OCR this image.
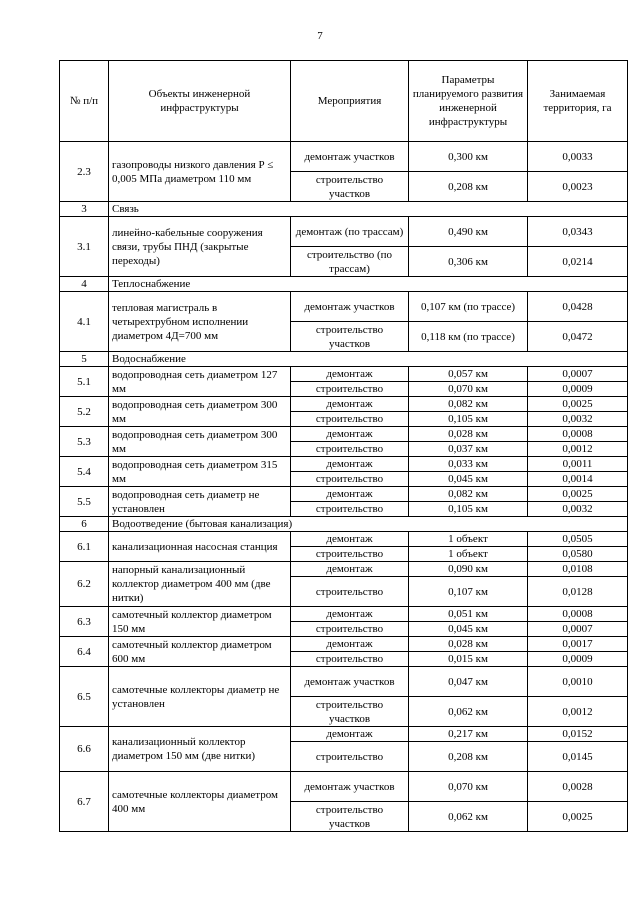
7
№ п/п	Объекты инженерной инфраструктуры	Мероприятия	Параметры планируемого развития инженерной инфраструктуры	Занимаемая территория, га
2.3	газопроводы низкого давления Р ≤ 0,005 МПа диаметром 110 мм	демонтаж участков	0,300 км	0,0033
		строительство участков	0,208 км	0,0023
3	Связь			
3.1	линейно-кабельные сооружения связи, трубы ПНД (закрытые переходы)	демонтаж (по трассам)	0,490 км	0,0343
		строительство (по трассам)	0,306 км	0,0214
4	Теплоснабжение			
4.1	тепловая магистраль в четырехтрубном исполнении диаметром 4Д=700 мм	демонтаж участков	0,107 км (по трассе)	0,0428
		строительство участков	0,118 км (по трассе)	0,0472
5	Водоснабжение			
5.1	водопроводная сеть диаметром 127 мм	демонтаж	0,057 км	0,0007
		строительство	0,070 км	0,0009
5.2	водопроводная сеть диаметром 300 мм	демонтаж	0,082 км	0,0025
		строительство	0,105 км	0,0032
5.3	водопроводная сеть диаметром 300 мм	демонтаж	0,028 км	0,0008
		строительство	0,037 км	0,0012
5.4	водопроводная сеть диаметром 315 мм	демонтаж	0,033 км	0,0011
		строительство	0,045 км	0,0014
5.5	водопроводная сеть диаметр не установлен	демонтаж	0,082 км	0,0025
		строительство	0,105 км	0,0032
6	Водоотведение (бытовая канализация)			
6.1	канализационная насосная станция	демонтаж	1 объект	0,0505
		строительство	1 объект	0,0580
6.2	напорный канализационный коллектор диаметром 400 мм (две нитки)	демонтаж	0,090 км	0,0108
		строительство	0,107 км	0,0128
6.3	самотечный коллектор диаметром 150 мм	демонтаж	0,051 км	0,0008
		строительство	0,045 км	0,0007
6.4	самотечный коллектор диаметром 600 мм	демонтаж	0,028 км	0,0017
		строительство	0,015 км	0,0009
6.5	самотечные коллекторы диаметр не установлен	демонтаж участков	0,047 км	0,0010
		строительство участков	0,062 км	0,0012
6.6	канализационный коллектор диаметром 150 мм (две нитки)	демонтаж	0,217 км	0,0152
		строительство	0,208 км	0,0145
6.7	самотечные коллекторы диаметром 400 мм	демонтаж участков	0,070 км	0,0028
		строительство участков	0,062 км	0,0025
